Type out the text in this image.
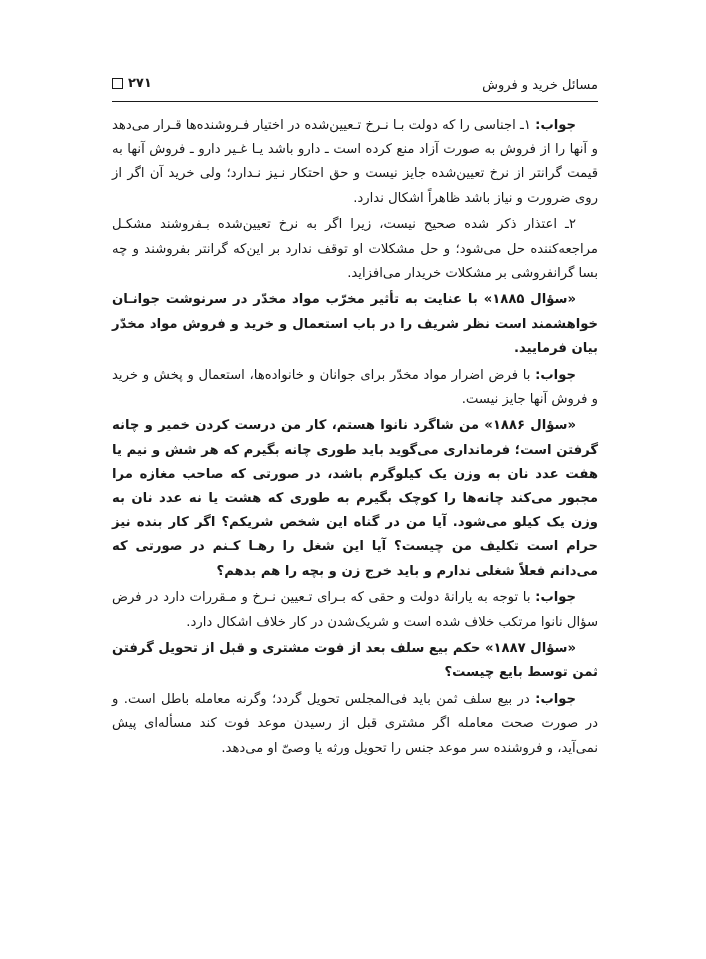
مسائل خرید و فروش
۲۷۱

جواب: ۱ـ اجناسی را که دولت بـا نـرخ تـعیین‌شده در اختیار فـروشنده‌ها قـرار می‌دهد و آنها را از فروش به صورت آزاد منع کرده است ـ دارو باشد یـا غـیر دارو ـ فروش آنها به قیمت گرانتر از نرخ تعیین‌شده جایز نیست و حق احتکار نـیز نـدارد؛ ولی خرید آن اگر از روی ضرورت و نیاز باشد ظاهراً اشکال ندارد.

۲ـ اعتذار ذکر شده صحیح نیست، زیرا اگر به نرخ تعیین‌شده بـفروشند مشکـل مراجعه‌کننده حل می‌شود؛ و حل مشکلات او توقف ندارد بر این‌که گرانتر بفروشند و چه بسا گرانفروشی بر مشکلات خریدار می‌افزاید.

«سؤال ۱۸۸۵» با عنایت به تأثیر مخرّب مواد مخدّر در سرنوشت جوانـان خواهشمند است نظر شریف را در باب استعمال و خرید و فروش مواد مخدّر بیان فرمایید.

جواب: با فرض اضرار مواد مخدّر برای جوانان و خانواده‌ها، استعمال و پخش و خرید و فروش آنها جایز نیست.

«سؤال ۱۸۸۶» من شاگرد نانوا هستم، کار من درست کردن خمیر و چانه گرفتن است؛ فرمانداری می‌گوید باید طوری چانه بگیرم که هر شش و نیم یا هفت عدد نان به وزن یک کیلوگرم باشد، در صورتی که صاحب مغازه مرا مجبور می‌کند چانه‌ها را کوچک بگیرم به طوری که هشت یا نه عدد نان به وزن یک کیلو می‌شود. آیا من در گناه این شخص شریکم؟ اگر کار بنده نیز حرام است تکلیف من چیست؟ آیا این شغل را رهـا کـنم در صورتی که می‌دانم فعلاً شغلی ندارم و باید خرج زن و بچه را هم بدهم؟

جواب: با توجه به یارانهٔ دولت و حقی که بـرای تـعیین نـرخ و مـقررات دارد در فرض سؤال نانوا مرتکب خلاف شده است و شریک‌شدن در کار خلاف اشکال دارد.

«سؤال ۱۸۸۷» حکم بیع سلف بعد از فوت مشتری و قبل از تحویل گرفتن ثمن توسط بایع چیست؟

جواب: در بیع سلف ثمن باید فی‌المجلس تحویل گردد؛ وگرنه معامله باطل است. و در صورت صحت معامله اگر مشتری قبل از رسیدن موعد فوت کند مسأله‌ای پیش نمی‌آید، و فروشنده سر موعد جنس را تحویل ورثه یا وصیّ او می‌دهد.
